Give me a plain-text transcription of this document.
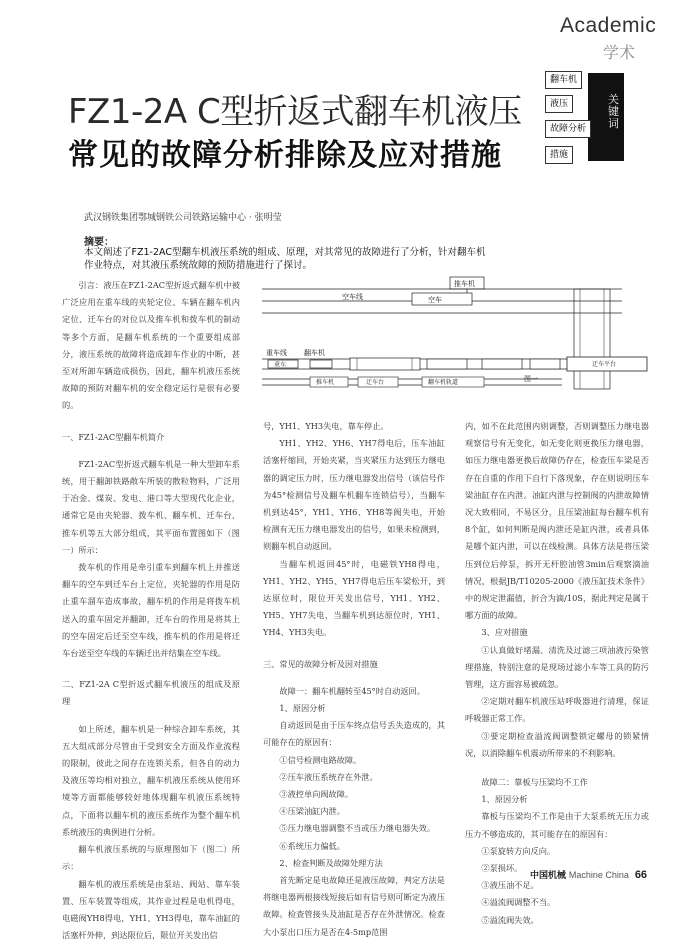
Academic
学术
FZ1-2A C型折返式翻车机液压
常见的故障分析排除及应对措施
关键词
翻车机
液压
故障分析
措施
武汉钢铁集团鄂城钢铁公司铁路运输中心 · 张明莹
摘要：
本文阐述了FZ1-2AC型翻车机液压系统的组成、原理，对其常见的故障进行了分析，针对翻车机作业特点，对其液压系统故障的预防措施进行了探讨。

引言：液压在FZ1-2AC型折返式翻车机中被广泛应用在重车线的夹轮定位、车辆在翻车机内定位、迁车台的对位以及推车机和拨车机的制动等多个方面，是翻车机系统的一个重要组成部分，液压系统的故障将造成卸车作业的中断，甚至对所卸车辆造成损伤，因此，翻车机液压系统故障的预防对翻车机的安全稳定运行是很有必要的。

一、FZ1-2AC型翻车机简介

FZ1-2AC型折返式翻车机是一种大型卸车系统，用于翻卸铁路敞车所装的散粒物料，广泛用于冶金、煤炭、发电、港口等大型现代化企业，通常它是由夹轮器、拨车机、翻车机、迁车台、推车机等五大部分组成，其平面布置图如下（图一）所示：

拨车机的作用是牵引重车到翻车机上并推送翻车的空车到迁车台上定位，夹轮器的作用是防止重车溜车造成事故，翻车机的作用是将拨车机送入的重车固定并翻卸，迁车台的作用是将其上的空车固定后迁至空车线，推车机的作用是将迁车台送至空车线的车辆迁出并结集在空车线。

二、FZ1-2A C型折返式翻车机液压的组成及原理

如上所述，翻车机是一种综合卸车系统，其五大组成部分尽管由于受到安全方面及作业流程的限制，彼此之间存在连锁关系，但各自的动力及液压等均相对独立，翻车机液压系统从使用环境等方面都能够较好地体现翻车机液压系统特点，下面将以翻车机的液压系统作为整个翻车机系统液压的典例进行分析。

翻车机液压系统的与原理图如下（图二）所示：

翻车机的液压系统是由泵站、阀站、靠车装置、压车装置等组成，其作业过程是电机得电，电磁阀YH8得电，YH1、YH3得电，靠车油缸的活塞杆外伸，到达限位后，限位开关发出信

号，YH1、YH3失电，靠车停止。

YH1、YH2、YH6、YH7得电后，压车油缸活塞杆缩回，开始夹紧，当夹紧压力达到压力继电器的调定压力时，压力继电器发出信号（该信号作为45°检测信号及翻车机翻车连锁信号），当翻车机到达45°，YH1、YH6、YH8等阀失电，开始检测有无压力继电器发出的信号，如果未检测到，则翻车机自动返回。

当翻车机返回45°时，电磁铁YH8得电，YH1、YH2、YH5、YH7得电后压车梁松开，到达原位时，限位开关发出信号，YH1、YH2、YH5、YH7失电，当翻车机到达原位时，YH1、YH4、YH3失电。

三、常见的故障分析及因对措施

故障一：翻车机翻转至45°时自动返回。

1、原因分析

自动返回是由于压车终点信号丢失造成的，其可能存在的原因有：

①信号检测电路故障。

②压车液压系统存在外泄。

③液控单向阀故障。

④压梁油缸内泄。

⑤压力继电器调整不当或压力继电器失效。

⑥系统压力偏低。

2、检查判断及故障处理方法

首先断定是电故障还是液压故障，判定方法是将继电器两根接线短接后如有信号则可断定为液压故障。检查管接头及油缸是否存在外泄情况。检查大小泵出口压力是否在4-5mp范围

内，如不在此范围内则调整，否则调整压力继电器观察信号有无变化，如无变化则更换压力继电器，如压力继电器更换后故障仍存在，检查压车梁是否存在自重的作用下自行下落现象，存在则说明压车梁油缸存在内泄。油缸内泄与控制阀的内泄故障情况大致相同，不易区分，且压梁油缸每台翻车机有8个缸，如何判断是阀内泄还是缸内泄，或者具体是哪个缸内泄，可以在线检测。具体方法是将压梁压到位后停泵，拆开无杆腔油管3min后观察滴油情况，根据JB/T10205-2000《液压缸技术条件》中的规定泄漏值，折合为滴/10S，据此判定是属于哪方面的故障。

3、应对措施

①认真做好堵漏、清洗及过滤三项油液污染管理措施，特别注意的是现场过滤小车等工具的防污管理，这方面容易被疏忽。

②定期对翻车机液压站呼吸器进行清理，保证呼吸器正常工作。

③要定期检查溢流阀调整锁定螺母的锁紧情况，以消除翻车机震动所带来的不利影响。

故障二：靠板与压梁均不工作

1、原因分析

靠板与压梁均不工作是由于大泵系统无压力或压力不够造成的，其可能存在的原因有：

①泵旋转方向反向。

②泵损坏。

③液压油不足。

④溢流阀调整不当。

⑤溢流阀失效。

推车机
空车线	空车
重车线 翻车机
重车	迁车平台
推车机	迁车台	翻车机轨道	图一
中国机械 Machine China 66
